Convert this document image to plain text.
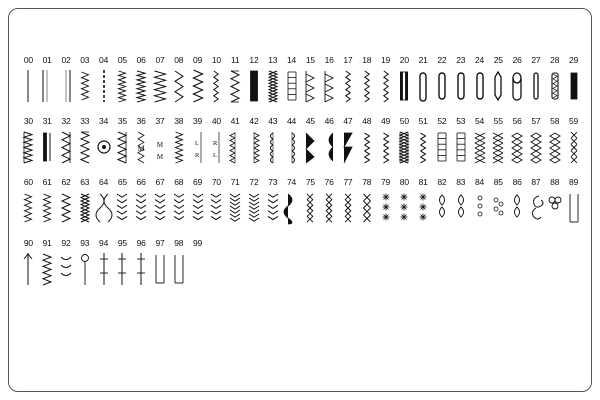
00 01 02 03 04 05 06 07 08 09 10 11 12 13 14 15 16 17 18 19 20 21 22 23 24 25 26 27 28 29
30 31 32 33 34 35 36
M
37
M
M
38 39
L
R
40
R
L
41 42 43 44 45 46 47 48 49 50 51 52 53 54 55 56 57 58 59
60 61 62 63 64 65 66 67 68 69 70 71 72 73 74 75 76 77 78 79 80 81 82 83 84 85 86 87 88 89
90 91 92 93 94 95 96 97 98 99
